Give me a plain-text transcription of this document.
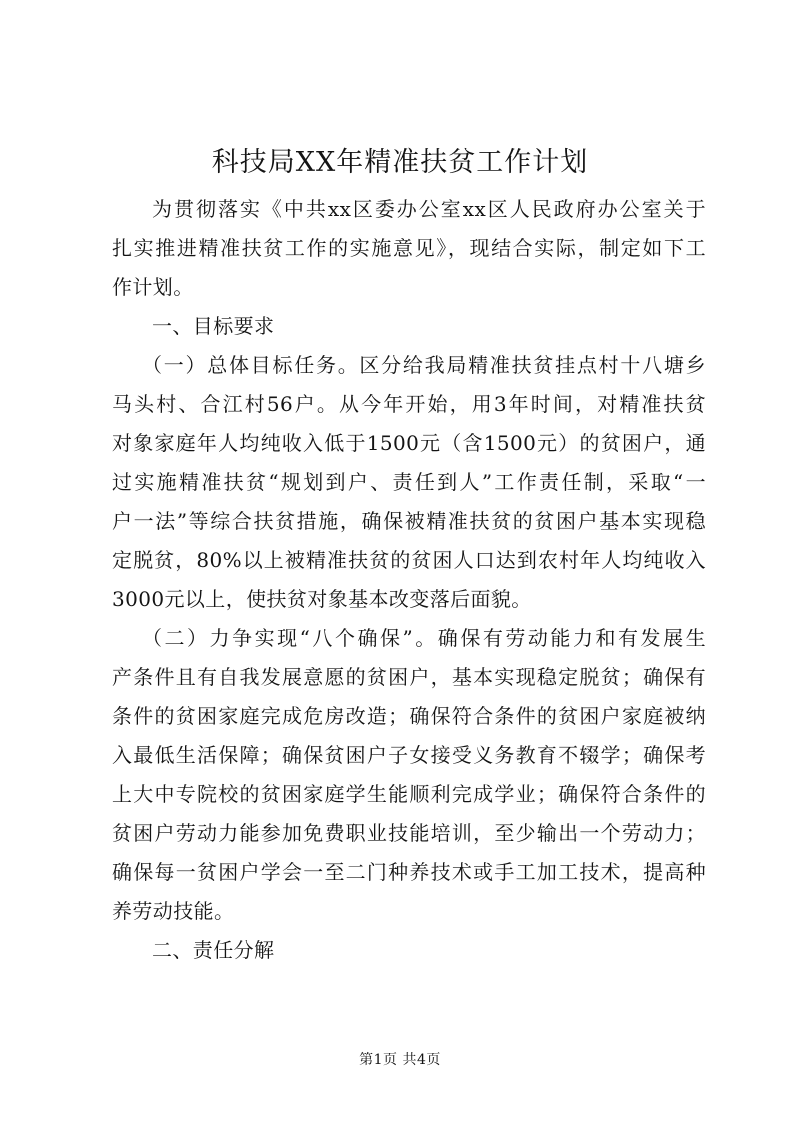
科技局XX年精准扶贫工作计划
为贯彻落实《中共xx区委办公室xx区人民政府办公室关于
扎实推进精准扶贫工作的实施意见》，现结合实际，制定如下工
作计划。
一、目标要求
（一）总体目标任务。区分给我局精准扶贫挂点村十八塘乡
马头村、合江村56户。从今年开始，用3年时间，对精准扶贫
对象家庭年人均纯收入低于1500元（含1500元）的贫困户，通
过实施精准扶贫“规划到户、责任到人”工作责任制，采取“一
户一法”等综合扶贫措施，确保被精准扶贫的贫困户基本实现稳
定脱贫，80%以上被精准扶贫的贫困人口达到农村年人均纯收入
3000元以上，使扶贫对象基本改变落后面貌。
（二）力争实现“八个确保”。确保有劳动能力和有发展生
产条件且有自我发展意愿的贫困户，基本实现稳定脱贫；确保有
条件的贫困家庭完成危房改造；确保符合条件的贫困户家庭被纳
入最低生活保障；确保贫困户子女接受义务教育不辍学；确保考
上大中专院校的贫困家庭学生能顺利完成学业；确保符合条件的
贫困户劳动力能参加免费职业技能培训，至少输出一个劳动力；
确保每一贫困户学会一至二门种养技术或手工加工技术，提高种
养劳动技能。
二、责任分解
第1页 共4页
